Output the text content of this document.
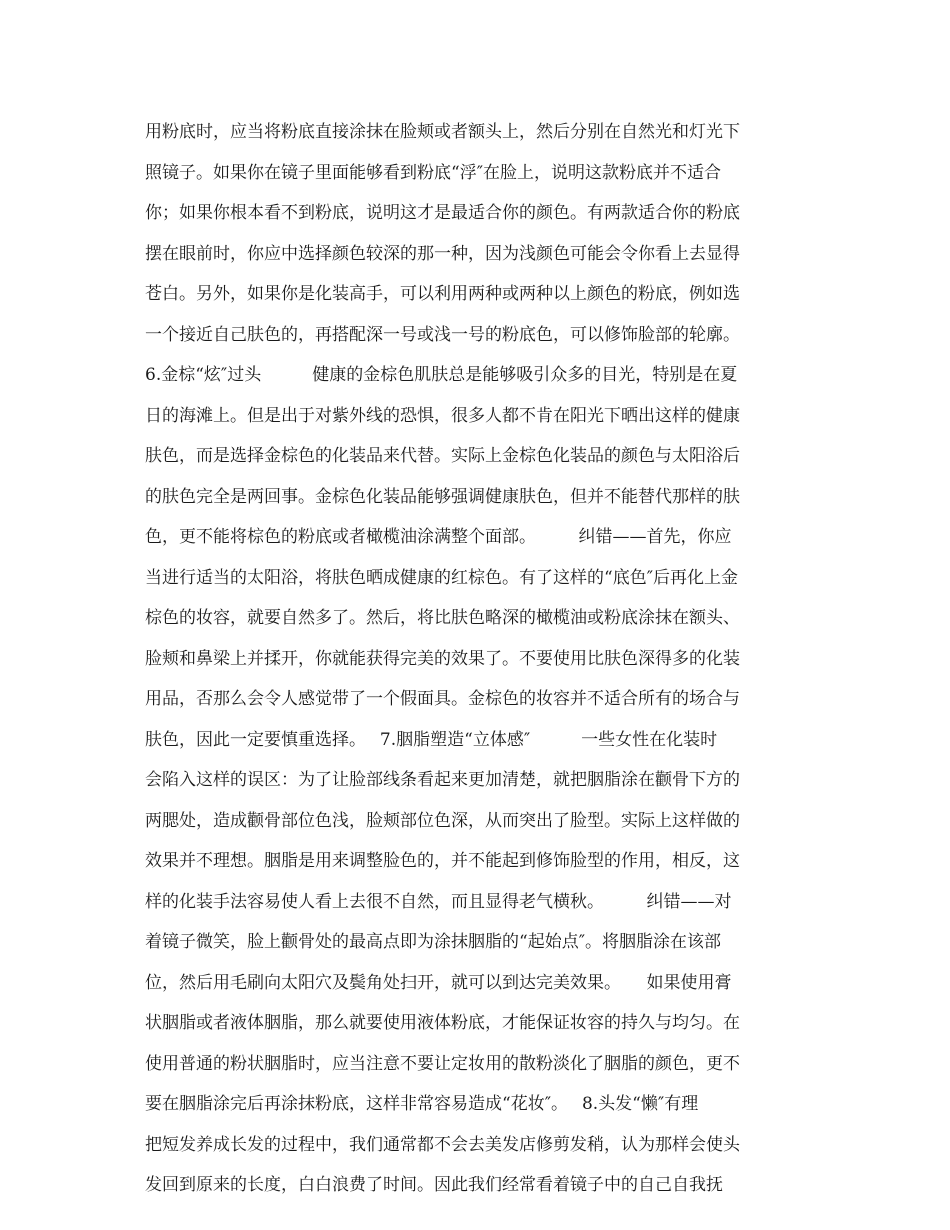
用粉底时，应当将粉底直接涂抹在脸颊或者额头上，然后分别在自然光和灯光下
照镜子。如果你在镜子里面能够看到粉底“浮″在脸上，说明这款粉底并不适合
你；如果你根本看不到粉底，说明这才是最适合你的颜色。有两款适合你的粉底
摆在眼前时，你应中选择颜色较深的那一种，因为浅颜色可能会令你看上去显得
苍白。另外，如果你是化装高手，可以利用两种或两种以上颜色的粉底，例如选
一个接近自己肤色的，再搭配深一号或浅一号的粉底色，可以修饰脸部的轮廓。
6.金棕“炫″过头　　　健康的金棕色肌肤总是能够吸引众多的目光，特别是在夏
日的海滩上。但是出于对紫外线的恐惧，很多人都不肯在阳光下晒出这样的健康
肤色，而是选择金棕色的化装品来代替。实际上金棕色化装品的颜色与太阳浴后
的肤色完全是两回事。金棕色化装品能够强调健康肤色，但并不能替代那样的肤
色，更不能将棕色的粉底或者橄榄油涂满整个面部。　　　纠错——首先，你应
当进行适当的太阳浴，将肤色晒成健康的红棕色。有了这样的“底色″后再化上金
棕色的妆容，就要自然多了。然后，将比肤色略深的橄榄油或粉底涂抹在额头、
脸颊和鼻梁上并揉开，你就能获得完美的效果了。不要使用比肤色深得多的化装
用品，否那么会令人感觉带了一个假面具。金棕色的妆容并不适合所有的场合与
肤色，因此一定要慎重选择。　 7.胭脂塑造“立体感″　　　一些女性在化装时
会陷入这样的误区：为了让脸部线条看起来更加清楚，就把胭脂涂在颧骨下方的
两腮处，造成颧骨部位色浅，脸颊部位色深，从而突出了脸型。实际上这样做的
效果并不理想。胭脂是用来调整脸色的，并不能起到修饰脸型的作用，相反，这
样的化装手法容易使人看上去很不自然，而且显得老气横秋。　　　纠错——对
着镜子微笑，脸上颧骨处的最高点即为涂抹胭脂的“起始点″。将胭脂涂在该部
位，然后用毛刷向太阳穴及鬓角处扫开，就可以到达完美效果。　　如果使用膏
状胭脂或者液体胭脂，那么就要使用液体粉底，才能保证妆容的持久与均匀。在
使用普通的粉状胭脂时，应当注意不要让定妆用的散粉淡化了胭脂的颜色，更不
要在胭脂涂完后再涂抹粉底，这样非常容易造成“花妆″。　 8.头发“懒″有理
把短发养成长发的过程中，我们通常都不会去美发店修剪发稍，认为那样会使头
发回到原来的长度，白白浪费了时间。因此我们经常看着镜子中的自己自我抚
